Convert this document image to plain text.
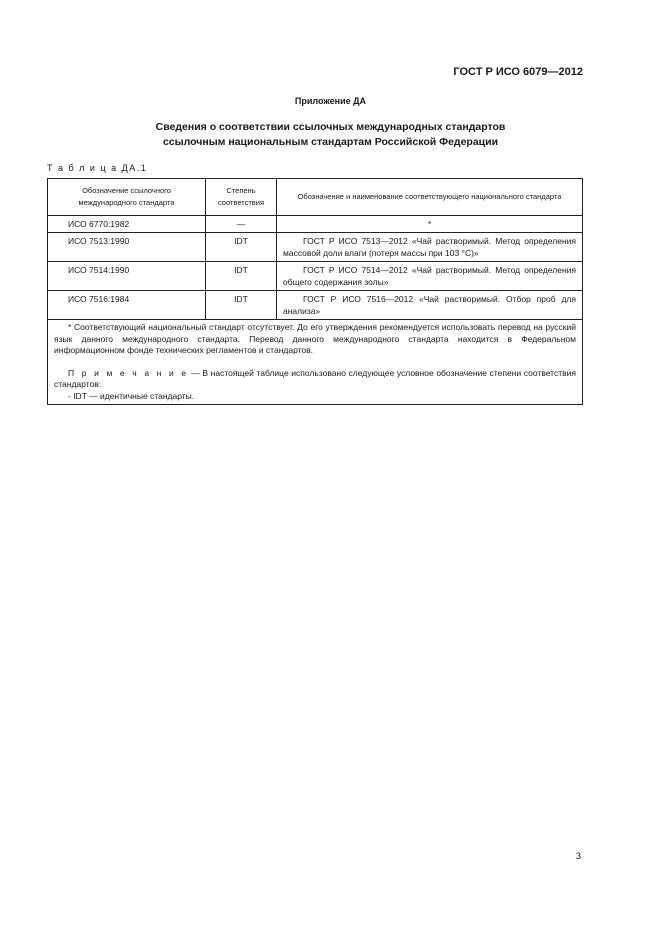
ГОСТ Р ИСО 6079—2012
Приложение ДА
Сведения о соответствии ссылочных международных стандартов
ссылочным национальным стандартам Российской Федерации
Т а б л и ц а ДА.1
Обозначение ссылочного международного стандарта	Степень соответствия	Обозначение и наименование соответствующего национального стандарта
ИСО 6770:1982	—	*
ИСО 7513:1990	IDT	ГОСТ Р ИСО 7513—2012 «Чай растворимый. Метод определения массовой доли влаги (потеря массы при 103 °С)»

ИСО 7514:1990	IDT	ГОСТ Р ИСО 7514—2012 «Чай растворимый. Метод определения общего содержания золы»

ИСО 7516:1984	IDT	ГОСТ Р ИСО 7516—2012 «Чай растворимый. Отбор проб для анализа»

* Соответствующий национальный стандарт отсутствует. До его утверждения рекомендуется использовать перевод на русский язык данного международного стандарта. Перевод данного международного стандарта находится в Федеральном информационном фонде технических регламентов и стандартов.

П р и м е ч а н и е — В настоящей таблице использовано следующее условное обозначение степени соответствия стандартов:

- IDT — идентичные стандарты.		

3
